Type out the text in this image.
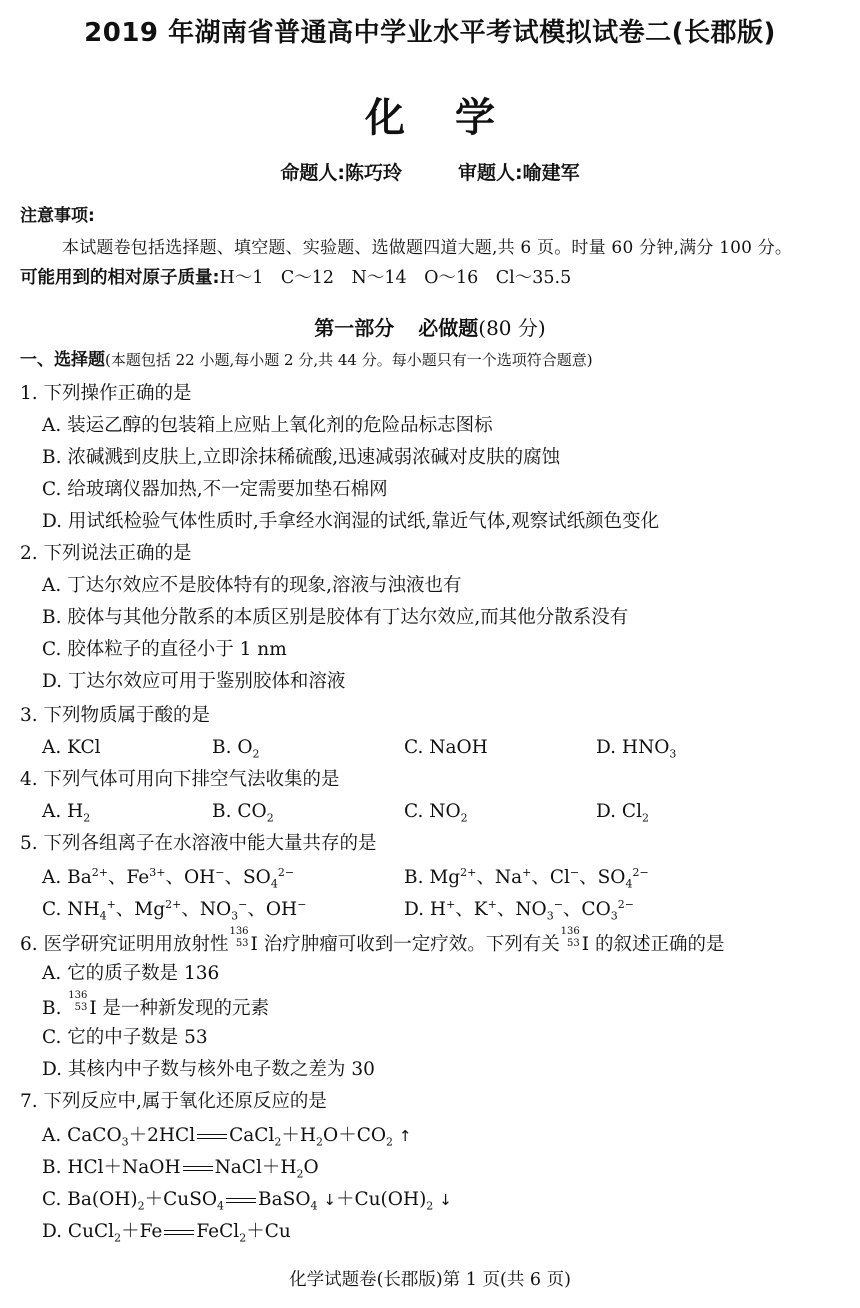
2019 年湖南省普通高中学业水平考试模拟试卷二(长郡版)
化学
命题人:陈巧玲	审题人:喻建军
注意事项:
本试题卷包括选择题、填空题、实验题、选做题四道大题,共 6 页。时量 60 分钟,满分 100 分。
可能用到的相对原子质量:H～1　C～12　N～14　O～16　Cl～35.5
第一部分 必做题(80 分)
一、选择题(本题包括 22 小题,每小题 2 分,共 44 分。每小题只有一个选项符合题意)
1. 下列操作正确的是
A. 装运乙醇的包装箱上应贴上氧化剂的危险品标志图标
B. 浓碱溅到皮肤上,立即涂抹稀硫酸,迅速减弱浓碱对皮肤的腐蚀
C. 给玻璃仪器加热,不一定需要加垫石棉网
D. 用试纸检验气体性质时,手拿经水润湿的试纸,靠近气体,观察试纸颜色变化
2. 下列说法正确的是
A. 丁达尔效应不是胶体特有的现象,溶液与浊液也有
B. 胶体与其他分散系的本质区别是胶体有丁达尔效应,而其他分散系没有
C. 胶体粒子的直径小于 1 nm
D. 丁达尔效应可用于鉴别胶体和溶液
3. 下列物质属于酸的是
A. KCl	B. $O_2$	C. NaOH	D. $HNO_3$
4. 下列气体可用向下排空气法收集的是
A. $H_2$	B. $CO_2$	C. $NO_2$	D. $Cl_2$
5. 下列各组离子在水溶液中能大量共存的是
A. $Ba^{2+}$、$Fe^{3+}$、OH−、$SO_4^{2-}$	B. $Mg^{2+}$、Na+、Cl−、$SO_4^{2-}$
C. $NH_4^+$、$Mg^{2+}$、$NO_3^-$、OH−	D. H+、K+、$NO_3^-$、$CO_3^{2-}$
6. 医学研究证明用放射性
136
53 I 治疗肿瘤可收到一定疗效。下列有关
136
53 I 的叙述正确的是
A. 它的质子数是 136
B.
136
53 I 是一种新发现的元素
C. 它的中子数是 53
D. 其核内中子数与核外电子数之差为 30
7. 下列反应中,属于氧化还原反应的是
A. CaCO$_3$＋2HCl $CaCl_2+H_2O+CO_2$ ↑
B. HCl＋NaOH $NaCl+H_2O$
C. $Ba(OH)_2+CuSO_4$ BaSO$_4$ $↓+Cu(OH)_2$ ↓
D. CuCl$_2$＋Fe FeCl$_2$＋Cu
化学试题卷(长郡版)第 1 页(共 6 页)
